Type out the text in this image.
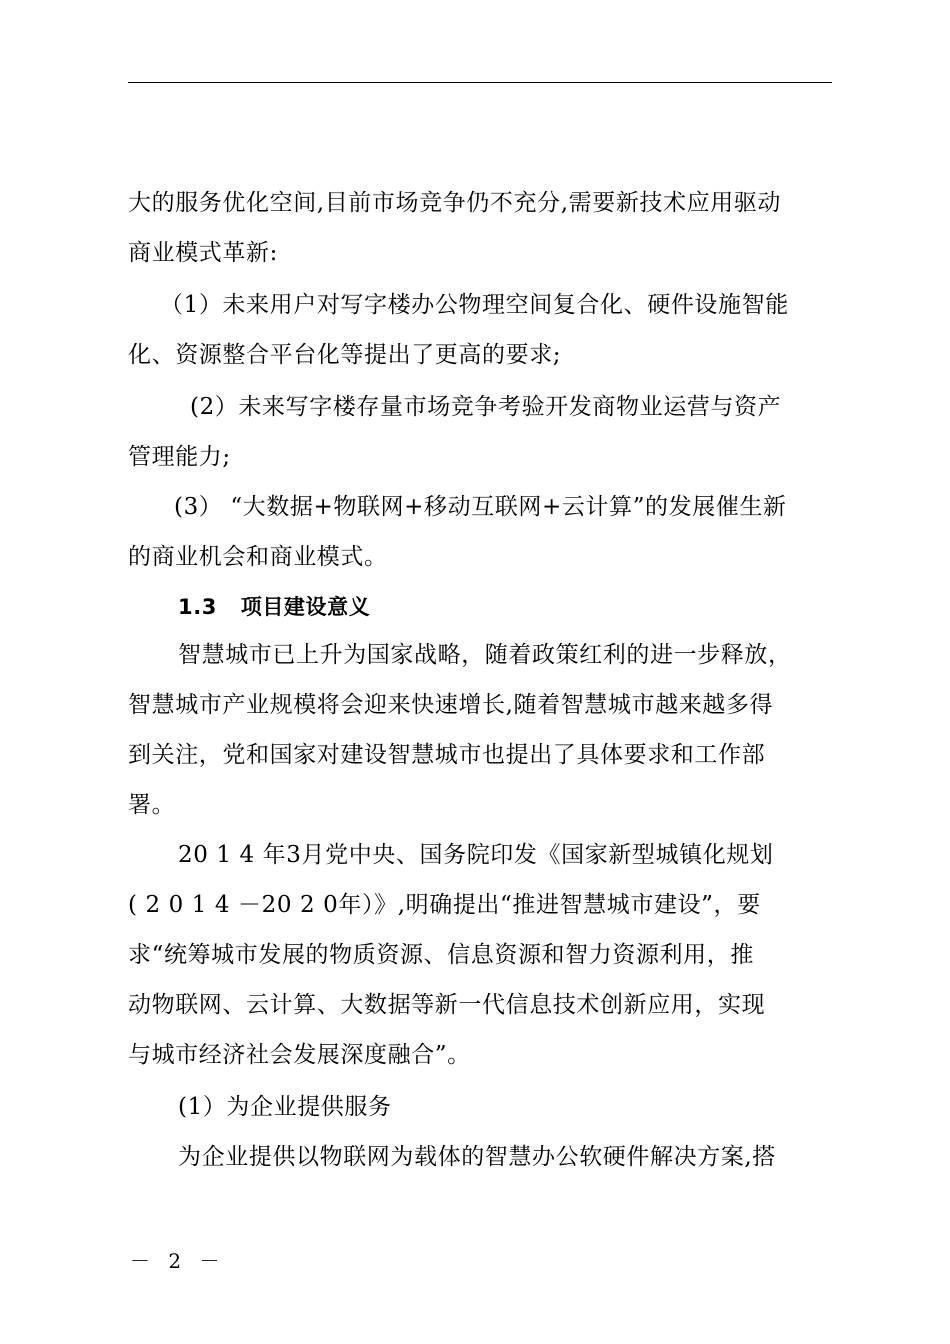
大的服务优化空间,目前市场竞争仍不充分,需要新技术应用驱动
商业模式革新:
（1）未来用户对写字楼办公物理空间复合化、硬件设施智能
化、资源整合平台化等提出了更高的要求;
(2）未来写字楼存量市场竞争考验开发商物业运营与资产
管理能力;
(3） “大数据+物联网+移动互联网+云计算”的发展催生新
的商业机会和商业模式。
1.3   项目建设意义
智慧城市已上升为国家战略，随着政策红利的进一步释放，
智慧城市产业规模将会迎来快速增长,随着智慧城市越来越多得
到关注，党和国家对建设智慧城市也提出了具体要求和工作部
署。
20 1 4 年3月党中央、国务院印发《国家新型城镇化规划
( 2 0 1 4 －20 2 0年）》,明确提出“推进智慧城市建设”，要
求“统筹城市发展的物质资源、信息资源和智力资源利用，推
动物联网、云计算、大数据等新一代信息技术创新应用，实现
与城市经济社会发展深度融合”。
(1）为企业提供服务
为企业提供以物联网为载体的智慧办公软硬件解决方案,搭
－ 2 －
